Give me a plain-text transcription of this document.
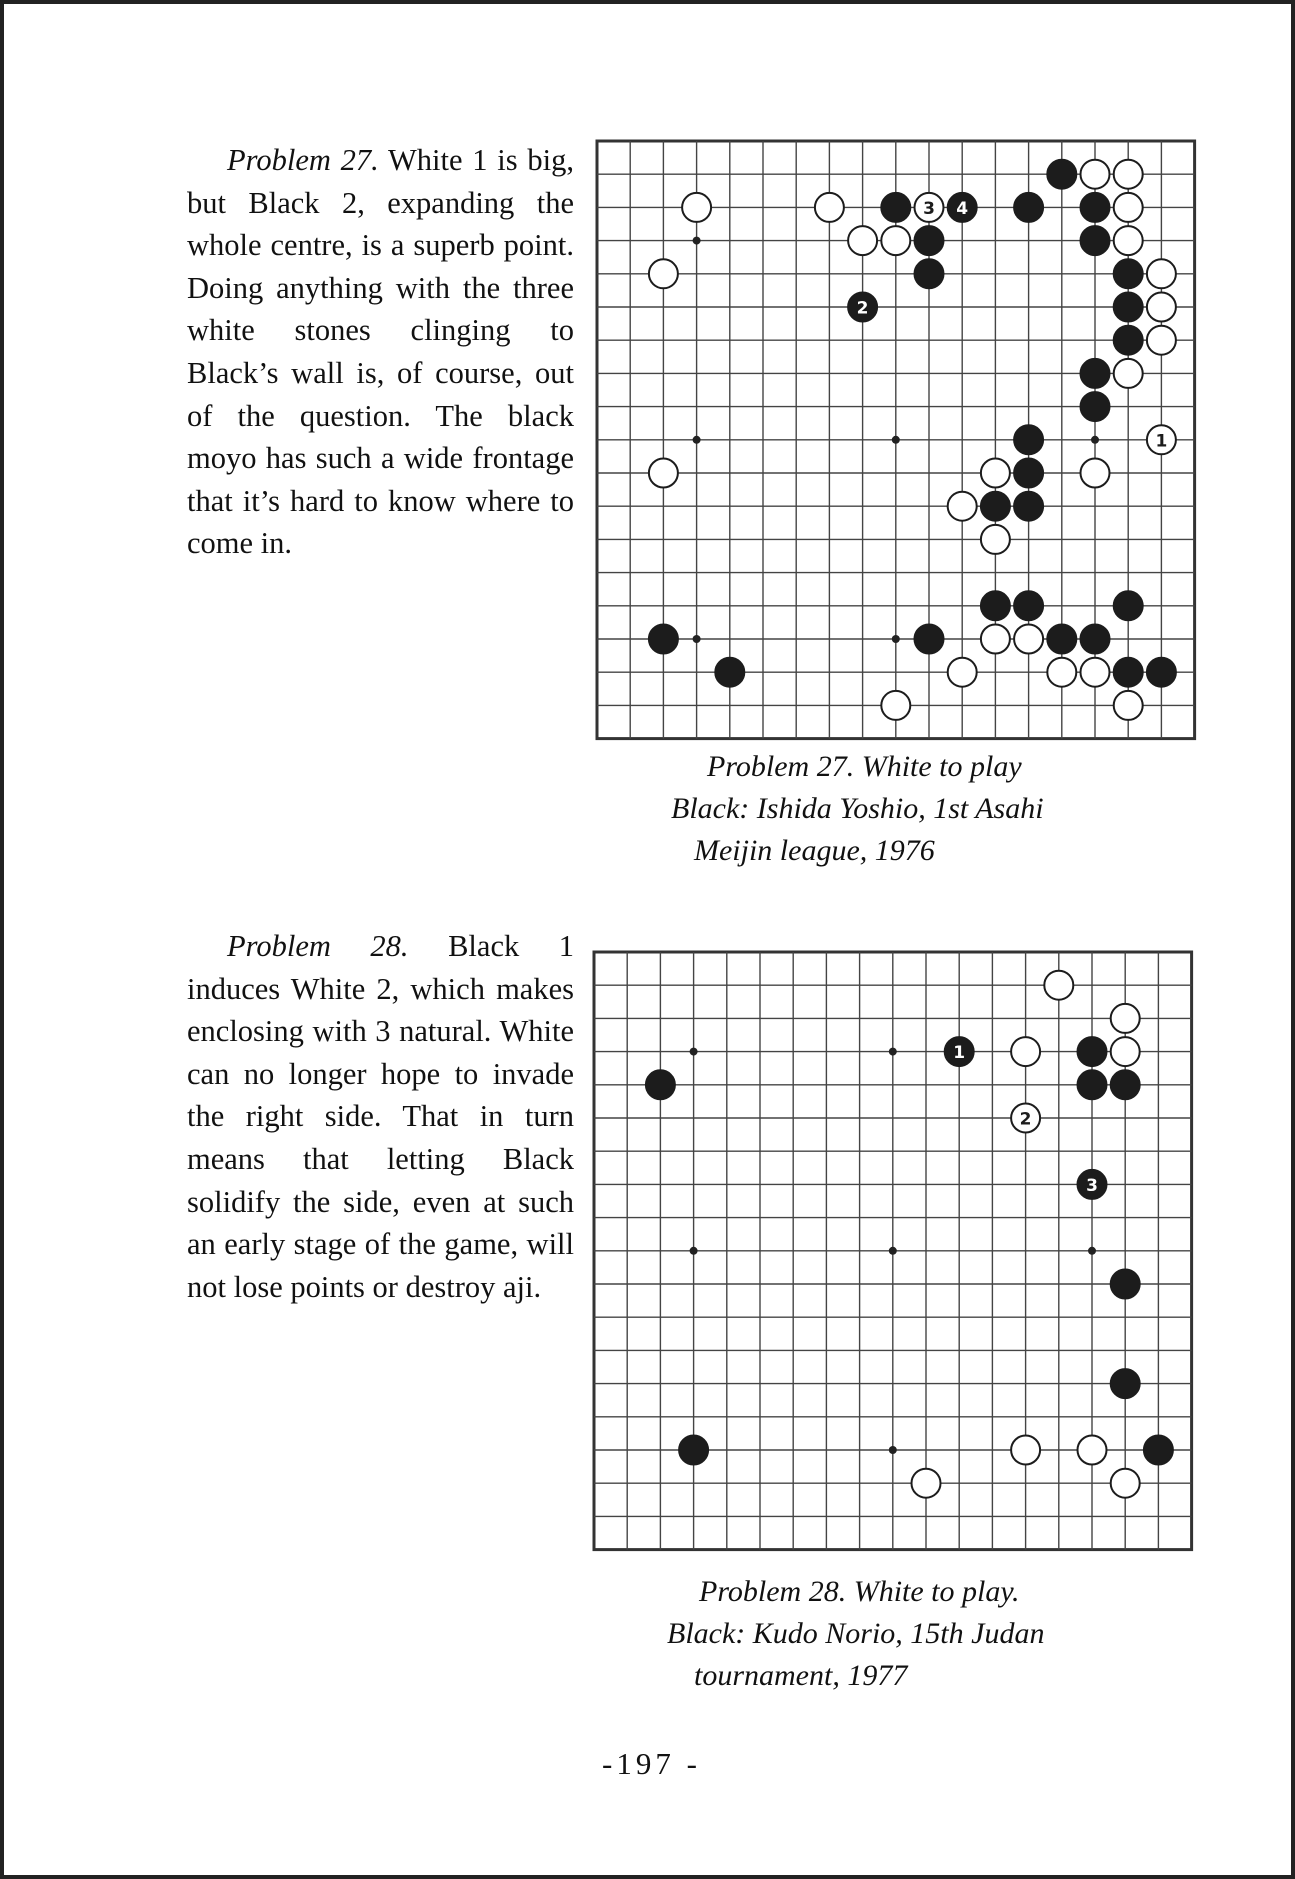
Problem 27. White 1 is big, but Black 2, expanding the whole centre, is a superb point. Doing anything with the three white stones clinging to Black’s wall is, of course, out of the question. The black moyo has such a wide frontage that it’s hard to know where to come in.

1
2
3 4

Problem 27. White to play

Black: Ishida Yoshio, 1st Asahi

Meijin league, 1976

Problem 28. Black 1 induces White 2, which makes enclosing with 3 natural. White can no longer hope to invade the right side. That in turn means that letting Black solidify the side, even at such an early stage of the game, will not lose points or destroy aji.

1
2
3

Problem 28. White to play.

Black: Kudo Norio, 15th Judan

tournament, 1977

-197 -
